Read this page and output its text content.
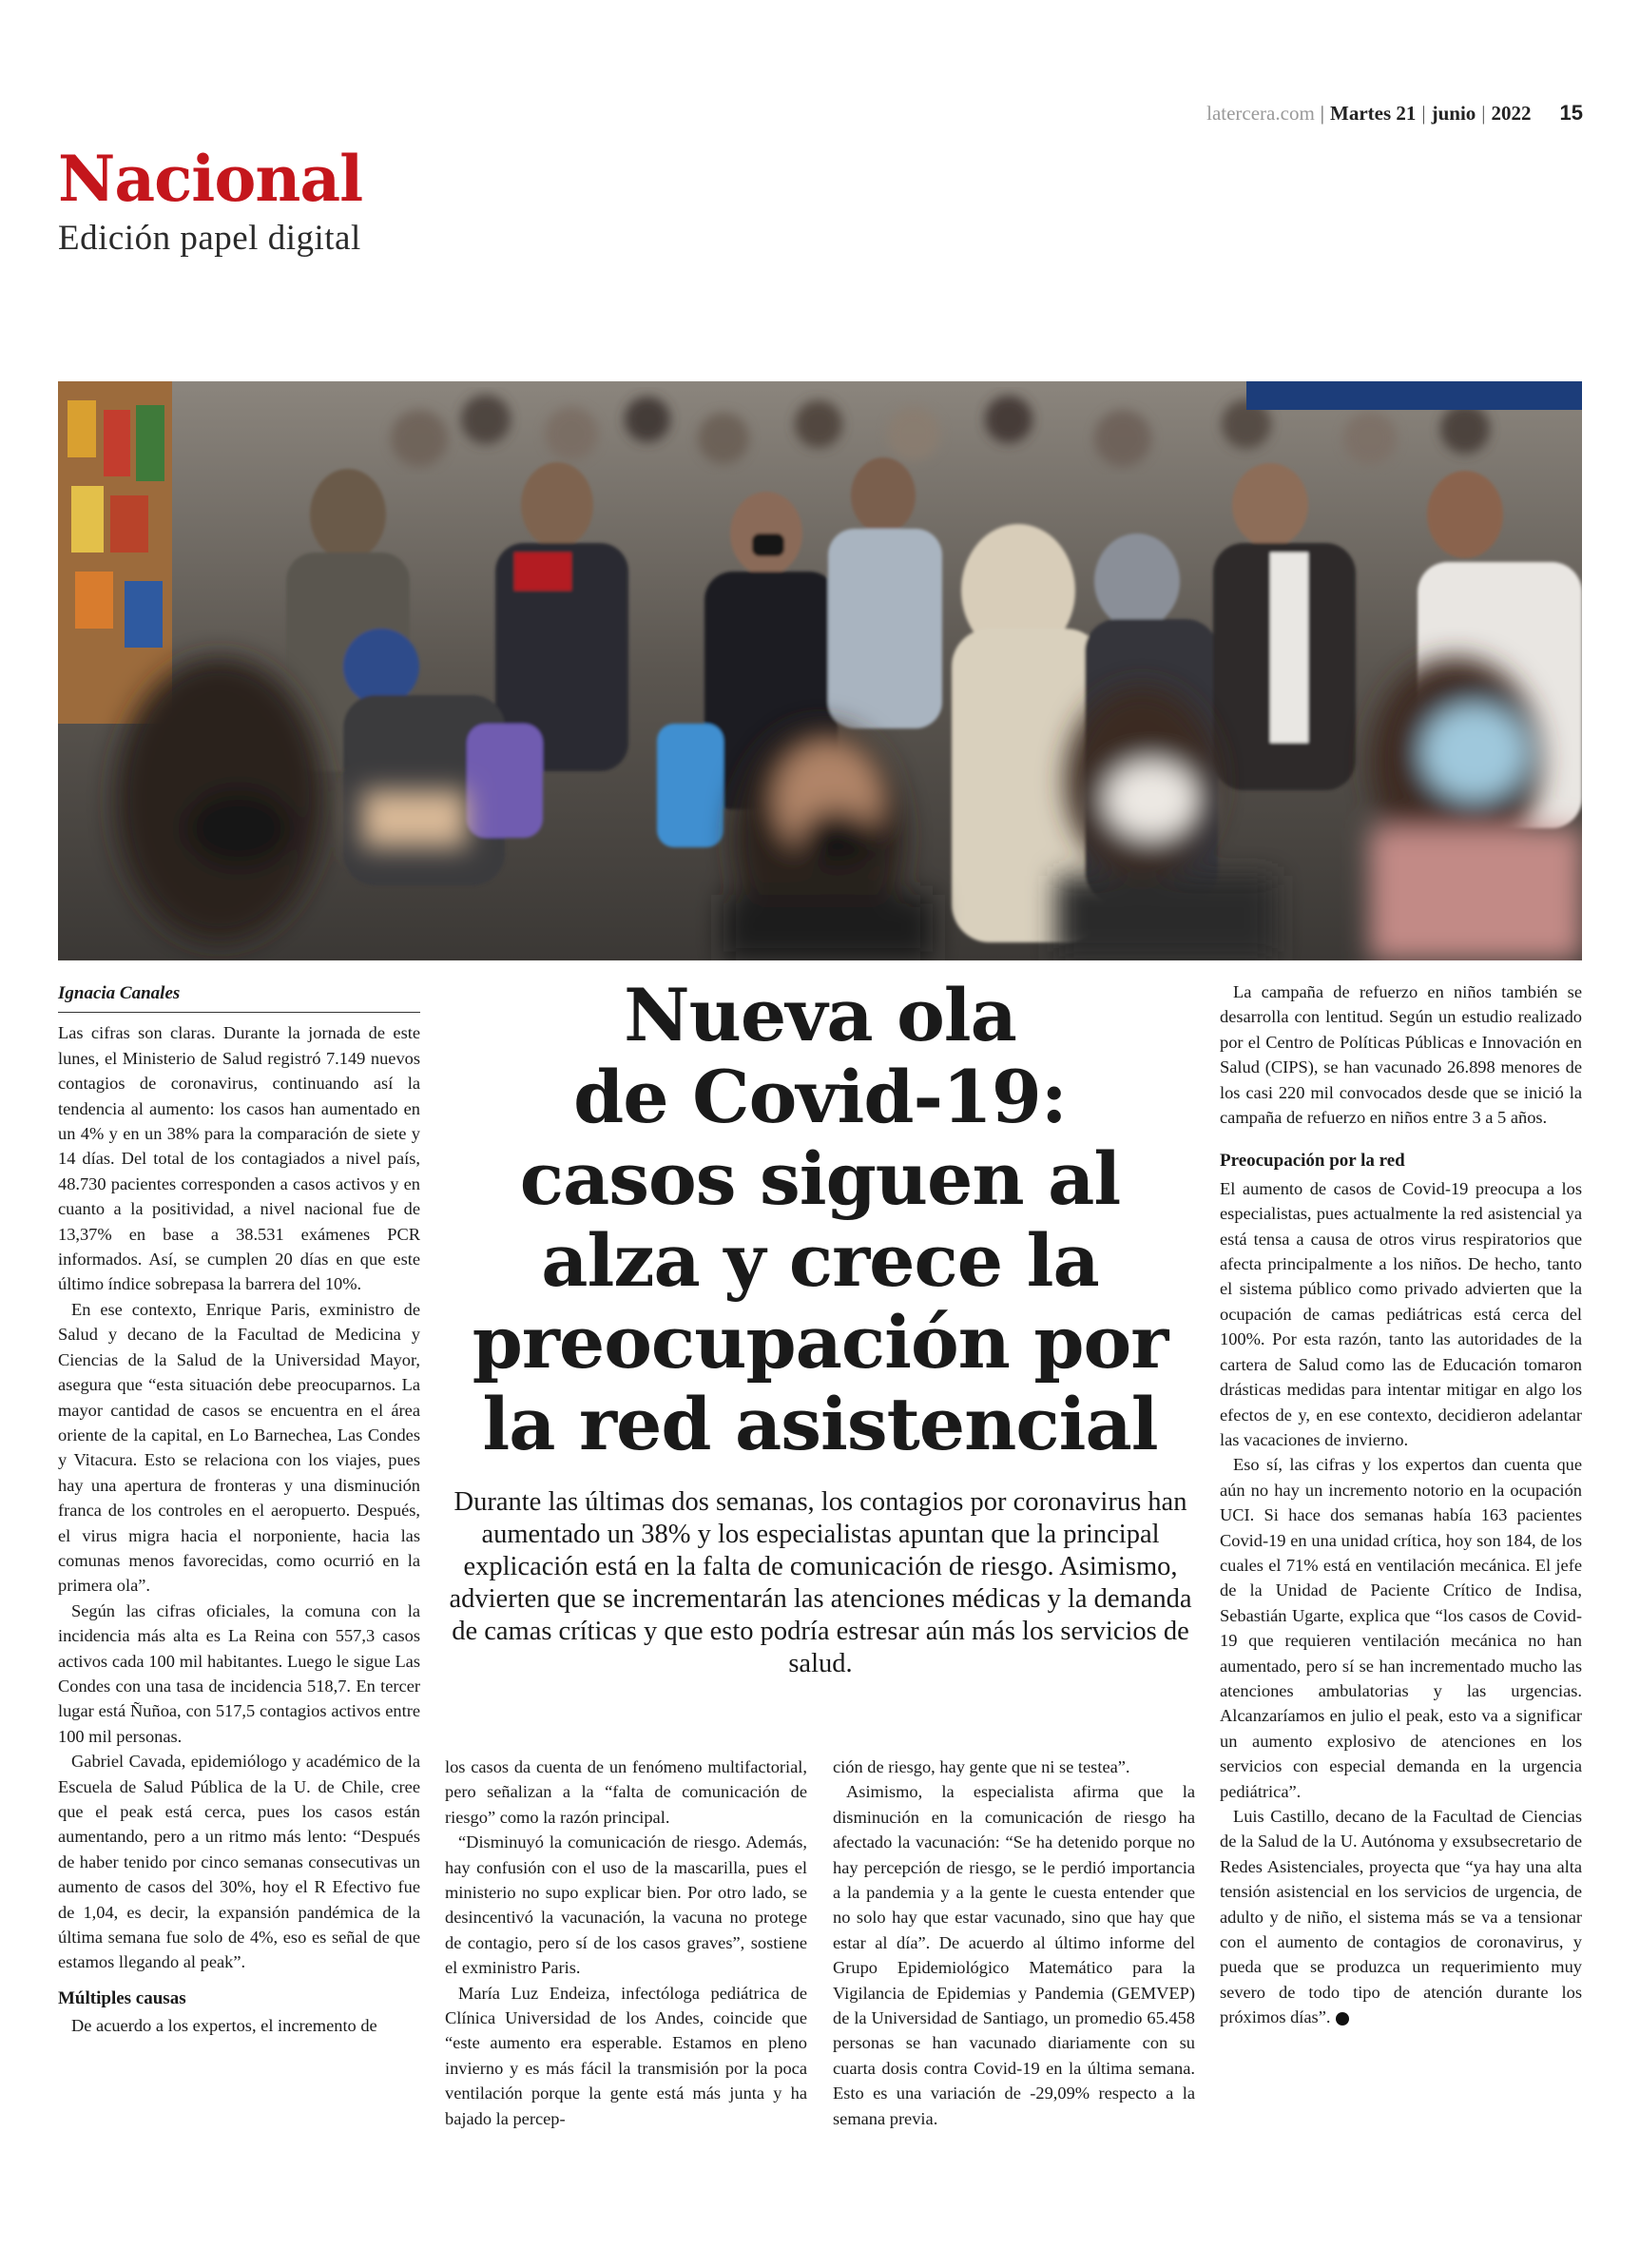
latercera.com | Martes 21 | junio | 2022 15
Nacional
Edición papel digital
Ignacia Canales

Las cifras son claras. Durante la jornada de este lunes, el Ministerio de Salud registró 7.149 nuevos contagios de coronavirus, continuando así la tendencia al aumento: los casos han aumentado en un 4% y en un 38% para la comparación de siete y 14 días. Del total de los contagiados a nivel país, 48.730 pacientes corresponden a casos activos y en cuanto a la positividad, a nivel nacional fue de 13,37% en base a 38.531 exámenes PCR informados. Así, se cumplen 20 días en que este último índice sobrepasa la barrera del 10%.

En ese contexto, Enrique Paris, exministro de Salud y decano de la Facultad de Medicina y Ciencias de la Salud de la Universidad Mayor, asegura que “esta situación debe preocuparnos. La mayor cantidad de casos se encuentra en el área oriente de la capital, en Lo Barnechea, Las Condes y Vitacura. Esto se relaciona con los viajes, pues hay una apertura de fronteras y una disminución franca de los controles en el aeropuerto. Después, el virus migra hacia el norponiente, hacia las comunas menos favorecidas, como ocurrió en la primera ola”.

Según las cifras oficiales, la comuna con la incidencia más alta es La Reina con 557,3 casos activos cada 100 mil habitantes. Luego le sigue Las Condes con una tasa de incidencia 518,7. En tercer lugar está Ñuñoa, con 517,5 contagios activos entre 100 mil personas.

Gabriel Cavada, epidemiólogo y académico de la Escuela de Salud Pública de la U. de Chile, cree que el peak está cerca, pues los casos están aumentando, pero a un ritmo más lento: “Después de haber tenido por cinco semanas consecutivas un aumento de casos del 30%, hoy el R Efectivo fue de 1,04, es decir, la expansión pandémica de la última semana fue solo de 4%, eso es señal de que estamos llegando al peak”.

Múltiples causas

De acuerdo a los expertos, el incremento de

Nueva ola
de Covid-19:
casos siguen al
alza y crece la
preocupación por
la red asistencial
Durante las últimas dos semanas, los contagios por coronavirus han aumentado un 38% y los especialistas apuntan que la principal explicación está en la falta de comunicación de riesgo. Asimismo, advierten que se incrementarán las atenciones médicas y la demanda de camas críticas y que esto podría estresar aún más los servicios de salud.

los casos da cuenta de un fenómeno multifactorial, pero señalizan a la “falta de comunicación de riesgo” como la razón principal.

“Disminuyó la comunicación de riesgo. Además, hay confusión con el uso de la mascarilla, pues el ministerio no supo explicar bien. Por otro lado, se desincentivó la vacunación, la vacuna no protege de contagio, pero sí de los casos graves”, sostiene el exministro Paris.

María Luz Endeiza, infectóloga pediátrica de Clínica Universidad de los Andes, coincide que “este aumento era esperable. Estamos en pleno invierno y es más fácil la transmisión por la poca ventilación porque la gente está más junta y ha bajado la percep-

ción de riesgo, hay gente que ni se testea”.

Asimismo, la especialista afirma que la disminución en la comunicación de riesgo ha afectado la vacunación: “Se ha detenido porque no hay percepción de riesgo, se le perdió importancia a la pandemia y a la gente le cuesta entender que no solo hay que estar vacunado, sino que hay que estar al día”. De acuerdo al último informe del Grupo Epidemiológico Matemático para la Vigilancia de Epidemias y Pandemia (GEMVEP) de la Universidad de Santiago, un promedio 65.458 personas se han vacunado diariamente con su cuarta dosis contra Covid-19 en la última semana. Esto es una variación de -29,09% respecto a la semana previa.

La campaña de refuerzo en niños también se desarrolla con lentitud. Según un estudio realizado por el Centro de Políticas Públicas e Innovación en Salud (CIPS), se han vacunado 26.898 menores de los casi 220 mil convocados desde que se inició la campaña de refuerzo en niños entre 3 a 5 años.

Preocupación por la red

El aumento de casos de Covid-19 preocupa a los especialistas, pues actualmente la red asistencial ya está tensa a causa de otros virus respiratorios que afecta principalmente a los niños. De hecho, tanto el sistema público como privado advierten que la ocupación de camas pediátricas está cerca del 100%. Por esta razón, tanto las autoridades de la cartera de Salud como las de Educación tomaron drásticas medidas para intentar mitigar en algo los efectos de y, en ese contexto, decidieron adelantar las vacaciones de invierno.

Eso sí, las cifras y los expertos dan cuenta que aún no hay un incremento notorio en la ocupación UCI. Si hace dos semanas había 163 pacientes Covid-19 en una unidad crítica, hoy son 184, de los cuales el 71% está en ventilación mecánica. El jefe de la Unidad de Paciente Crítico de Indisa, Sebastián Ugarte, explica que “los casos de Covid-19 que requieren ventilación mecánica no han aumentado, pero sí se han incrementado mucho las atenciones ambulatorias y las urgencias. Alcanzaríamos en julio el peak, esto va a significar un aumento explosivo de atenciones en los servicios con especial demanda en la urgencia pediátrica”.

Luis Castillo, decano de la Facultad de Ciencias de la Salud de la U. Autónoma y exsubsecretario de Redes Asistenciales, proyecta que “ya hay una alta tensión asistencial en los servicios de urgencia, de adulto y de niño, el sistema más se va a tensionar con el aumento de contagios de coronavirus, y pueda que se produzca un requerimiento muy severo de todo tipo de atención durante los próximos días”.
